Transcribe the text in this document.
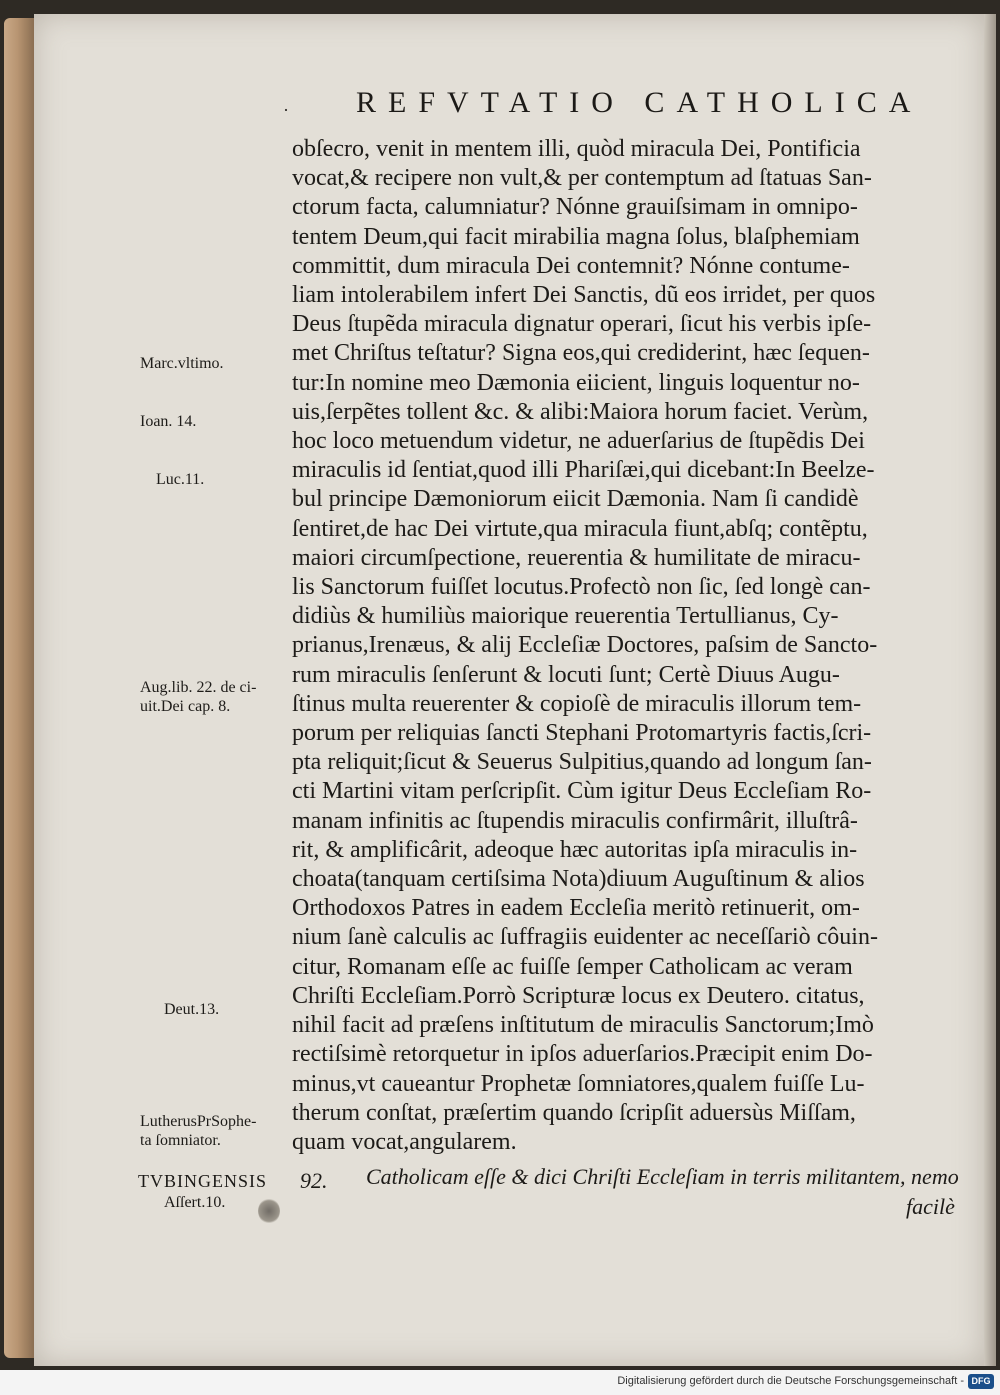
· REFVTATIO CATHOLICA
obſecro, venit in mentem illi, quòd miracula Dei, Pontificia
vocat,& recipere non vult,& per contemptum ad ſtatuas San-
ctorum facta, calumniatur? Nónne grauiſsimam in omnipo-
tentem Deum,qui facit mirabilia magna ſolus, blaſphemiam
committit, dum miracula Dei contemnit? Nónne contume-
liam intolerabilem infert Dei Sanctis, dũ eos irridet, per quos
Deus ſtupẽda miracula dignatur operari, ſicut his verbis ipſe-
met Chriſtus teſtatur? Signa eos,qui crediderint, hæc ſequen-
tur:In nomine meo Dæmonia eiicient, linguis loquentur no-
uis,ſerpẽtes tollent &c. & alibi:Maiora horum faciet. Verùm,
hoc loco metuendum videtur, ne aduerſarius de ſtupẽdis Dei
miraculis id ſentiat,quod illi Phariſæi,qui dicebant:In Beelze-
bul principe Dæmoniorum eiicit Dæmonia. Nam ſi candidè
ſentiret,de hac Dei virtute,qua miracula fiunt,abſq; contẽptu,
maiori circumſpectione, reuerentia & humilitate de miracu-
lis Sanctorum fuiſſet locutus.Profectò non ſic, ſed longè can-
didiùs & humiliùs maiorique reuerentia Tertullianus, Cy-
prianus,Irenæus, & alij Eccleſiæ Doctores, paſsim de Sancto-
rum miraculis ſenſerunt & locuti ſunt; Certè Diuus Augu-
ſtinus multa reuerenter & copioſè de miraculis illorum tem-
porum per reliquias ſancti Stephani Protomartyris factis,ſcri-
pta reliquit;ſicut & Seuerus Sulpitius,quando ad longum ſan-
cti Martini vitam perſcripſit. Cùm igitur Deus Eccleſiam Ro-
manam infinitis ac ſtupendis miraculis confirmârit, illuſtrâ-
rit, & amplificârit, adeoque hæc autoritas ipſa miraculis in-
choata(tanquam certiſsima Nota)diuum Auguſtinum & alios
Orthodoxos Patres in eadem Eccleſia meritò retinuerit, om-
nium ſanè calculis ac ſuffragiis euidenter ac neceſſariò côuin-
citur, Romanam eſſe ac fuiſſe ſemper Catholicam ac veram
Chriſti Eccleſiam.Porrò Scripturæ locus ex Deutero. citatus,
nihil facit ad præſens inſtitutum de miraculis Sanctorum;Imò
rectiſsimè retorquetur in ipſos aduerſarios.Præcipit enim Do-
minus,vt caueantur Prophetæ ſomniatores,qualem fuiſſe Lu-
therum conſtat, præſertim quando ſcripſit aduersùs Miſſam,
quam vocat,angularem.
Marc.vltimo.
Ioan. 14.
Luc.11.
Aug.lib. 22. de ci-
uit.Dei cap. 8.
Deut.13.
LutherusPrSophe-
ta ſomniator.
TVBINGENSIS
Aſſert.10.
92. Catholicam eſſe & dici Chriſti Eccleſiam in terris militantem, nemo
facilè
Digitalisierung gefördert durch die Deutsche Forschungsgemeinschaft - DFG
